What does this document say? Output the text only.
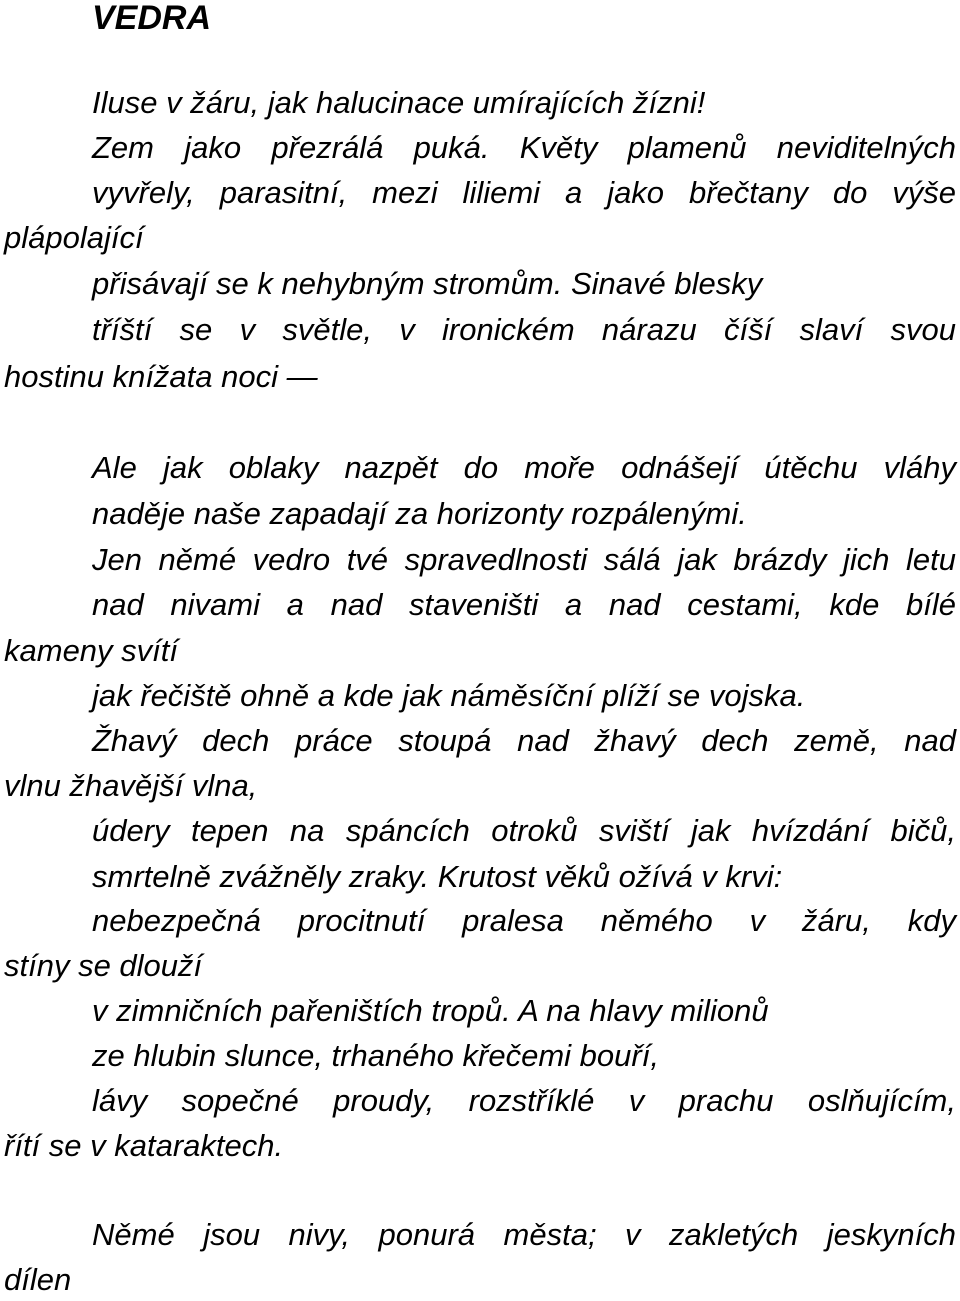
VEDRA

Iluse v žáru, jak halucinace umírajících žízni!

Zem jako přezrálá puká. Květy plamenů neviditelných

vyvřely, parasitní, mezi liliemi a jako břečtany do výše

plápolající

přisávají se k nehybným stromům. Sinavé blesky

tříští se v světle, v ironickém nárazu číší slaví svou

hostinu knížata noci —

Ale jak oblaky nazpět do moře odnášejí útěchu vláhy

naděje naše zapadají za horizonty rozpálenými.

Jen němé vedro tvé spravedlnosti sálá jak brázdy jich letu

nad nivami a nad staveništi a nad cestami, kde bílé

kameny svítí

jak řečiště ohně a kde jak náměsíční plíží se vojska.

Žhavý dech práce stoupá nad žhavý dech země, nad

vlnu žhavější vlna,

údery tepen na spáncích otroků sviští jak hvízdání bičů,

smrtelně zvážněly zraky. Krutost věků ožívá v krvi:

nebezpečná procitnutí pralesa němého v žáru, kdy

stíny se dlouží

v zimničních pařeništích tropů. A na hlavy milionů

ze hlubin slunce, trhaného křečemi bouří,

lávy sopečné proudy, rozstříklé v prachu oslňujícím,

řítí se v kataraktech.

Němé jsou nivy, ponurá města; v zakletých jeskyních

dílen
